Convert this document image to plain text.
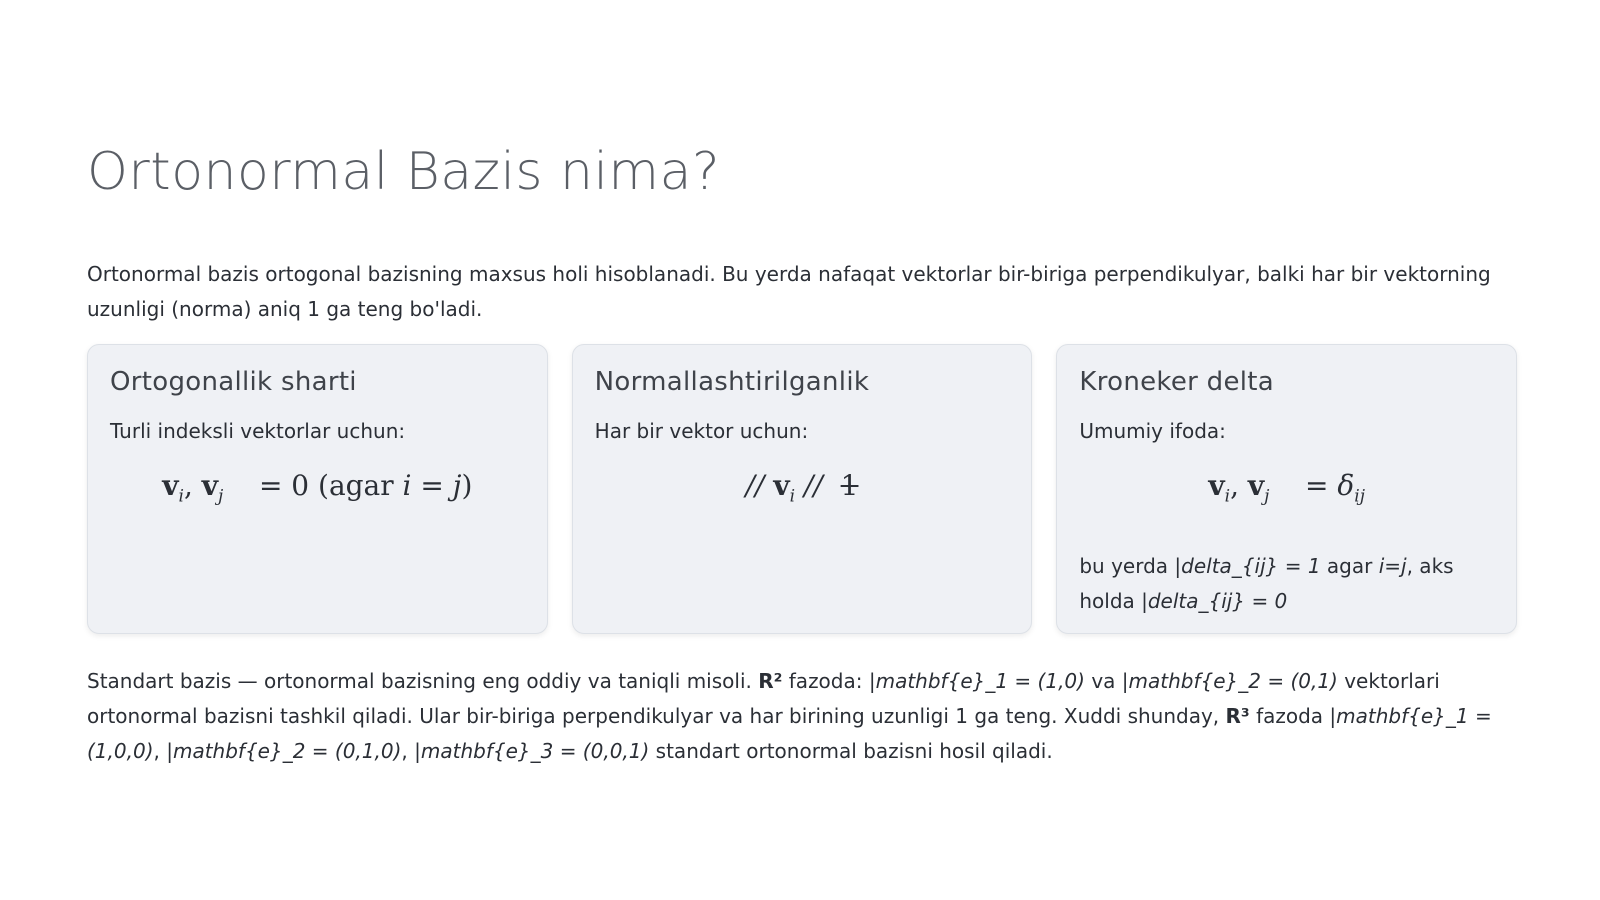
Ortonormal Bazis nima?

Ortonormal bazis ortogonal bazisning maxsus holi hisoblanadi. Bu yerda nafaqat vektorlar bir-biriga perpendikulyar, balki har bir vektorning uzunligi (norma) aniq 1 ga teng bo'ladi.

Ortogonallik sharti

Turli indeksli vektorlar uchun:

$v_i$, $v_j = 0$ (agar i = j)
Normallashtirilganlik

Har bir vektor uchun:

// $v_i // 1$
Kroneker delta

Umumiy ifoda:

$v_i$, $v_j = \delta_{ij}$

bu yerda |delta_{ij} = 1 agar i=j, aks holda |delta_{ij} = 0

Standart bazis — ortonormal bazisning eng oddiy va taniqli misoli. R² fazoda: |mathbf{e}_1 = (1,0) va |mathbf{e}_2 = (0,1) vektorlari ortonormal bazisni tashkil qiladi. Ular bir-biriga perpendikulyar va har birining uzunligi 1 ga teng. Xuddi shunday, R³ fazoda |mathbf{e}_1 = (1,0,0), |mathbf{e}_2 = (0,1,0), |mathbf{e}_3 = (0,0,1) standart ortonormal bazisni hosil qiladi.
